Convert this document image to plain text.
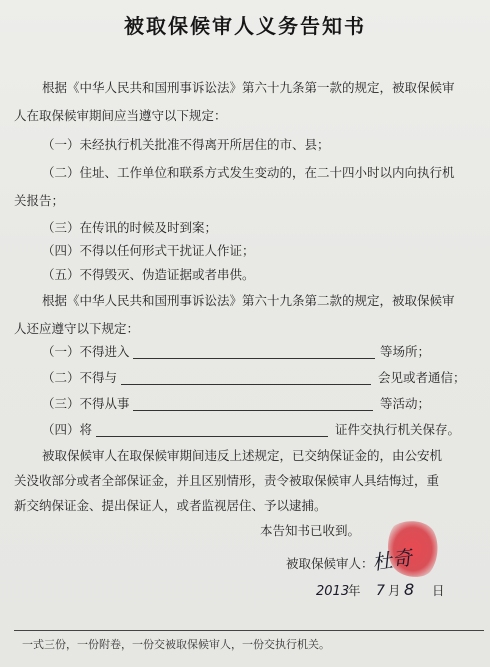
被取保候审人义务告知书
根据《中华人民共和国刑事诉讼法》第六十九条第一款的规定，被取保候审
人在取保候审期间应当遵守以下规定：
（一）未经执行机关批准不得离开所居住的市、县；
（二）住址、工作单位和联系方式发生变动的，在二十四小时以内向执行机
关报告；
（三）在传讯的时候及时到案；
（四）不得以任何形式干扰证人作证；
（五）不得毁灭、伪造证据或者串供。
根据《中华人民共和国刑事诉讼法》第六十九条第二款的规定，被取保候审
人还应遵守以下规定：
（一）不得进入	等场所；
（二）不得与	会见或者通信；
（三）不得从事	等活动；
（四）将	证件交执行机关保存。
被取保候审人在取保候审期间违反上述规定，已交纳保证金的，由公安机
关没收部分或者全部保证金，并且区别情形，责令被取保候审人具结悔过，重
新交纳保证金、提出保证人，或者监视居住、予以逮捕。
本告知书已收到。
被取保候审人：
杜奇
2013
年 7 月 8 日
一式三份，一份附卷，一份交被取保候审人，一份交执行机关。
